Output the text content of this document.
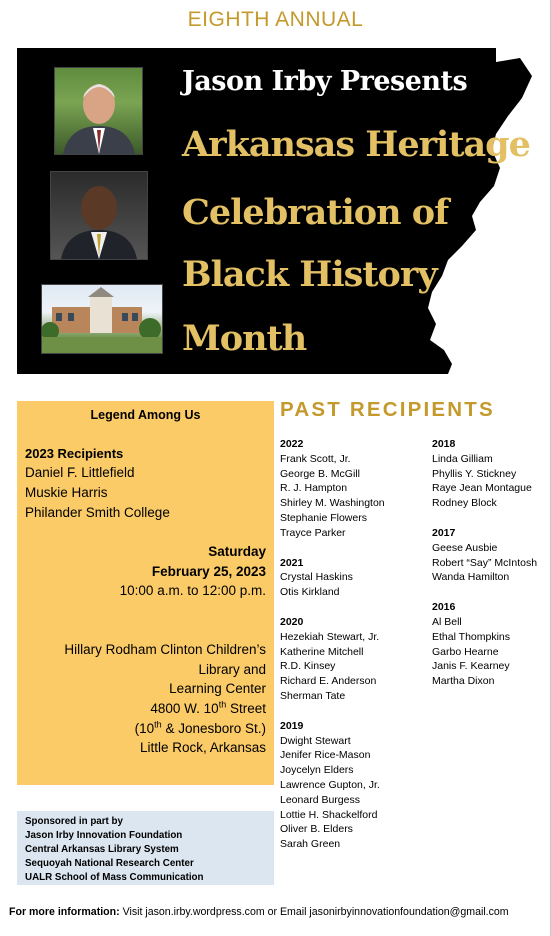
EIGHTH ANNUAL
Jason Irby Presents
Arkansas Heritage
Celebration of
Black History
Month
Legend Among Us
2023 Recipients
Daniel F. Littlefield
Muskie Harris
Philander Smith College
Saturday
February 25, 2023
10:00 a.m. to 12:00 p.m.
Hillary Rodham Clinton Children’s
Library and
Learning Center
4800 W. 10th Street
(10th & Jonesboro St.)
Little Rock, Arkansas
Sponsored in part by
Jason Irby Innovation Foundation
Central Arkansas Library System
Sequoyah National Research Center
UALR School of Mass Communication
PAST RECIPIENTS
2022
Frank Scott, Jr.
George B. McGill
R. J. Hampton
Shirley M. Washington
Stephanie Flowers
Trayce Parker
2021
Crystal Haskins
Otis Kirkland
2020
Hezekiah Stewart, Jr.
Katherine Mitchell
R.D. Kinsey
Richard E. Anderson
Sherman Tate
2019
Dwight Stewart
Jenifer Rice-Mason
Joycelyn Elders
Lawrence Gupton, Jr.
Leonard Burgess
Lottie H. Shackelford
Oliver B. Elders
Sarah Green
2018
Linda Gilliam
Phyllis Y. Stickney
Raye Jean Montague
Rodney Block
2017
Geese Ausbie
Robert “Say” McIntosh
Wanda Hamilton
2016
Al Bell
Ethal Thompkins
Garbo Hearne
Janis F. Kearney
Martha Dixon
For more information: Visit jason.irby.wordpress.com or Email jasonirbyinnovationfoundation@gmail.com
